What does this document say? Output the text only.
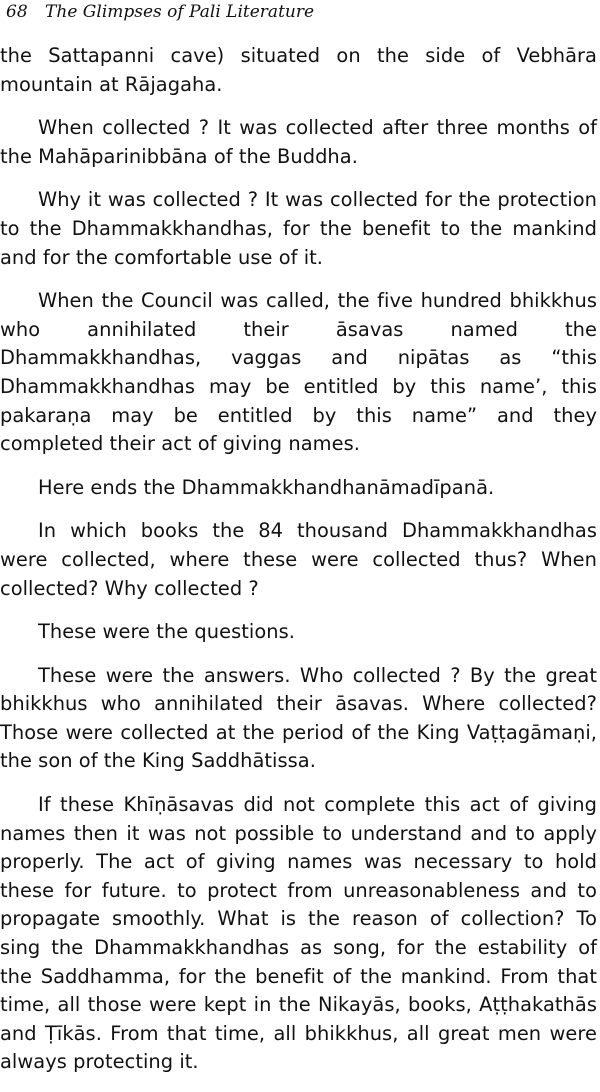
68 The Glimpses of Pali Literature

the Sattapanni cave) situated on the side of Vebhāra mountain at Rājagaha.

When collected ? It was collected after three months of the Mahāparinibbāna of the Buddha.

Why it was collected ? It was collected for the protection to the Dhammakkhandhas, for the benefit to the mankind and for the comfortable use of it.

When the Council was called, the five hundred bhikkhus who annihilated their āsavas named the Dhammakkhandhas, vaggas and nipātas as “this Dhammakkhandhas may be entitled by this name’, this pakaraṇa may be entitled by this name” and they completed their act of giving names.

Here ends the Dhammakkhandhanāmadīpanā.

In which books the 84 thousand Dhammakkhandhas were collected, where these were collected thus? When collected? Why collected ?

These were the questions.

These were the answers. Who collected ? By the great bhikkhus who annihilated their āsavas. Where collected? Those were collected at the period of the King Vaṭṭagāmaṇi, the son of the King Saddhātissa.

If these Khīṇāsavas did not complete this act of giving names then it was not possible to understand and to apply properly. The act of giving names was necessary to hold these for future. to protect from unreasonableness and to propagate smoothly. What is the reason of collection? To sing the Dhammakkhandhas as song, for the estability of the Saddhamma, for the benefit of the mankind. From that time, all those were kept in the Nikayās, books, Aṭṭhakathās and Ṭīkās. From that time, all bhikkhus, all great men were always protecting it.
